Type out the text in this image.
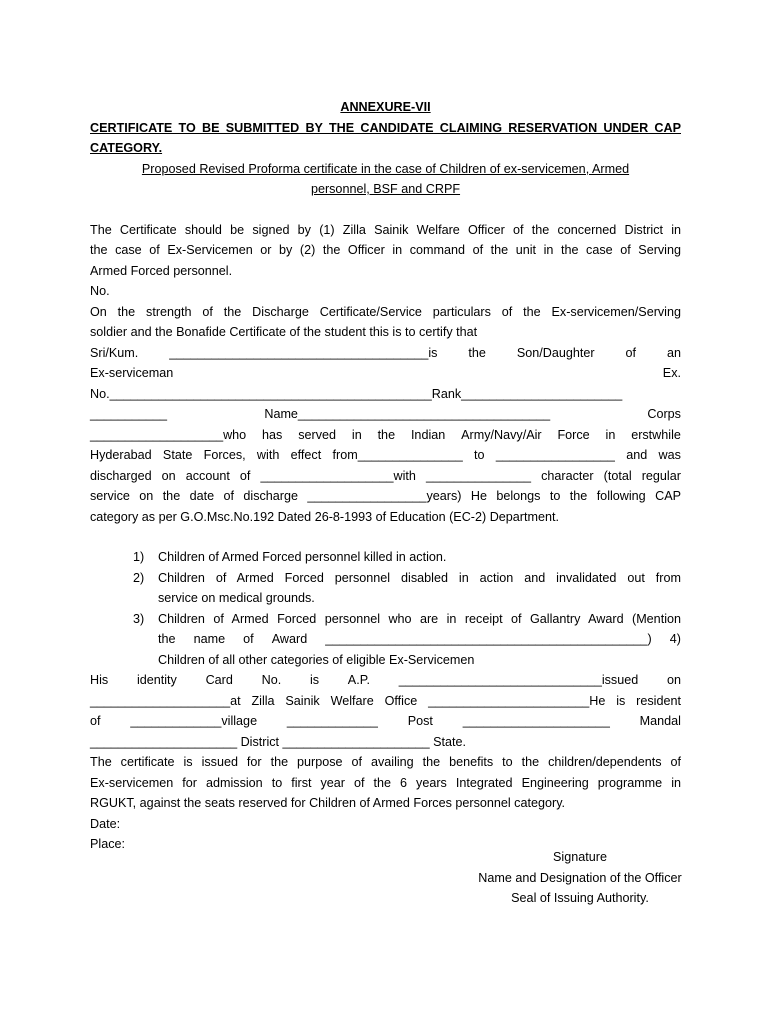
ANNEXURE-VII
CERTIFICATE TO BE SUBMITTED BY THE CANDIDATE CLAIMING RESERVATION UNDER CAP
CATEGORY.
Proposed Revised Proforma certificate in the case of Children of ex-servicemen, Armed
personnel, BSF and CRPF
The Certificate should be signed by (1) Zilla Sainik Welfare Officer of the concerned District in
the case of Ex-Servicemen or by (2) the Officer in command of the unit in the case of Serving
Armed Forced personnel.
No.
On the strength of the Discharge Certificate/Service particulars of the Ex-servicemen/Serving
soldier and the Bonafide Certificate of the student this is to certify that
Sri/Kum. _____________________________________is the Son/Daughter of an
Ex-serviceman	Ex.
No.______________________________________________Rank_______________________
___________	Name____________________________________	Corps
___________________who has served in the Indian Army/Navy/Air Force in erstwhile
Hyderabad State Forces, with effect from_______________ to _________________ and was
discharged on account of ___________________with _______________ character (total regular
service on the date of discharge _________________years) He belongs to the following CAP
category as per G.O.Msc.No.192 Dated 26-8-1993 of Education (EC-2) Department.
1) Children of Armed Forced personnel killed in action.
2) Children of Armed Forced personnel disabled in action and invalidated out from
service on medical grounds.
3) Children of Armed Forced personnel who are in receipt of Gallantry Award (Mention
the name of Award ______________________________________________) 4)
Children of all other categories of eligible Ex-Servicemen
His identity Card No. is A.P. _____________________________issued on
____________________at Zilla Sainik Welfare Office _______________________He is resident
of _____________village _____________ Post _____________________ Mandal
_____________________ District _____________________ State.
The certificate is issued for the purpose of availing the benefits to the children/dependents of
Ex-servicemen for admission to first year of the 6 years Integrated Engineering programme in
RGUKT, against the seats reserved for Children of Armed Forces personnel category.
Date:
Place:
Signature
Name and Designation of the Officer
Seal of Issuing Authority.
